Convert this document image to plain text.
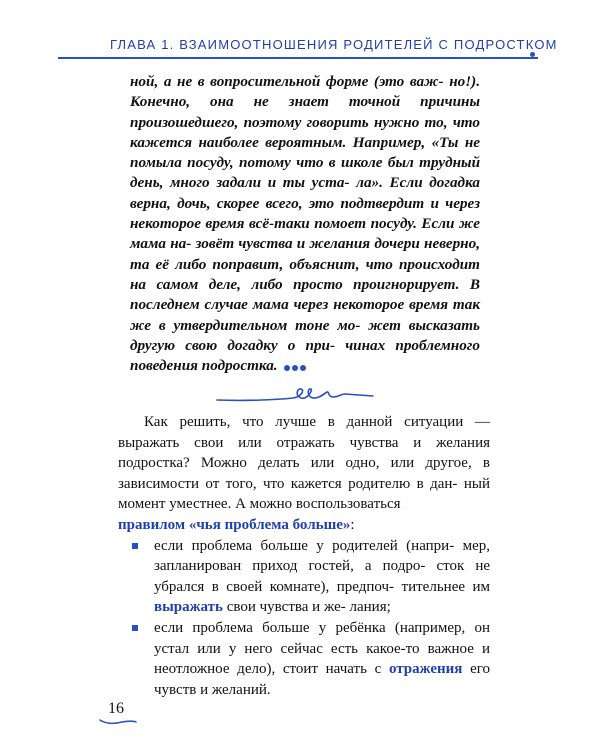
ГЛАВА 1. ВЗАИМООТНОШЕНИЯ РОДИТЕЛЕЙ С ПОДРОСТКОМ

ной, а не в вопросительной форме (это важ- но!). Конечно, она не знает точной причины произошедшего, поэтому говорить нужно то, что кажется наиболее вероятным. Например, «Ты не помыла посуду, потому что в школе был трудный день, много задали и ты уста- ла». Если догадка верна, дочь, скорее всего, это подтвердит и через некоторое время всё-таки помоет посуду. Если же мама на- зовёт чувства и желания дочери неверно, та её либо поправит, объяснит, что происходит на самом деле, либо просто проигнорирует. В последнем случае мама через некоторое время так же в утвердительном тоне мо- жет высказать другую свою догадку о при- чинах проблемного поведения подростка.

Как решить, что лучше в данной ситуации — выражать свои или отражать чувства и желания подростка? Можно делать или одно, или другое, в зависимости от того, что кажется родителю в дан- ный момент уместнее. А можно воспользоваться

правилом «чья проблема больше»:

если проблема больше у родителей (напри- мер, запланирован приход гостей, а подро- сток не убрался в своей комнате), предпоч- тительнее им выражать свои чувства и же- лания;
если проблема больше у ребёнка (например, он устал или у него сейчас есть какое-то важное и неотложное дело), стоит начать с отражения его чувств и желаний.
16
